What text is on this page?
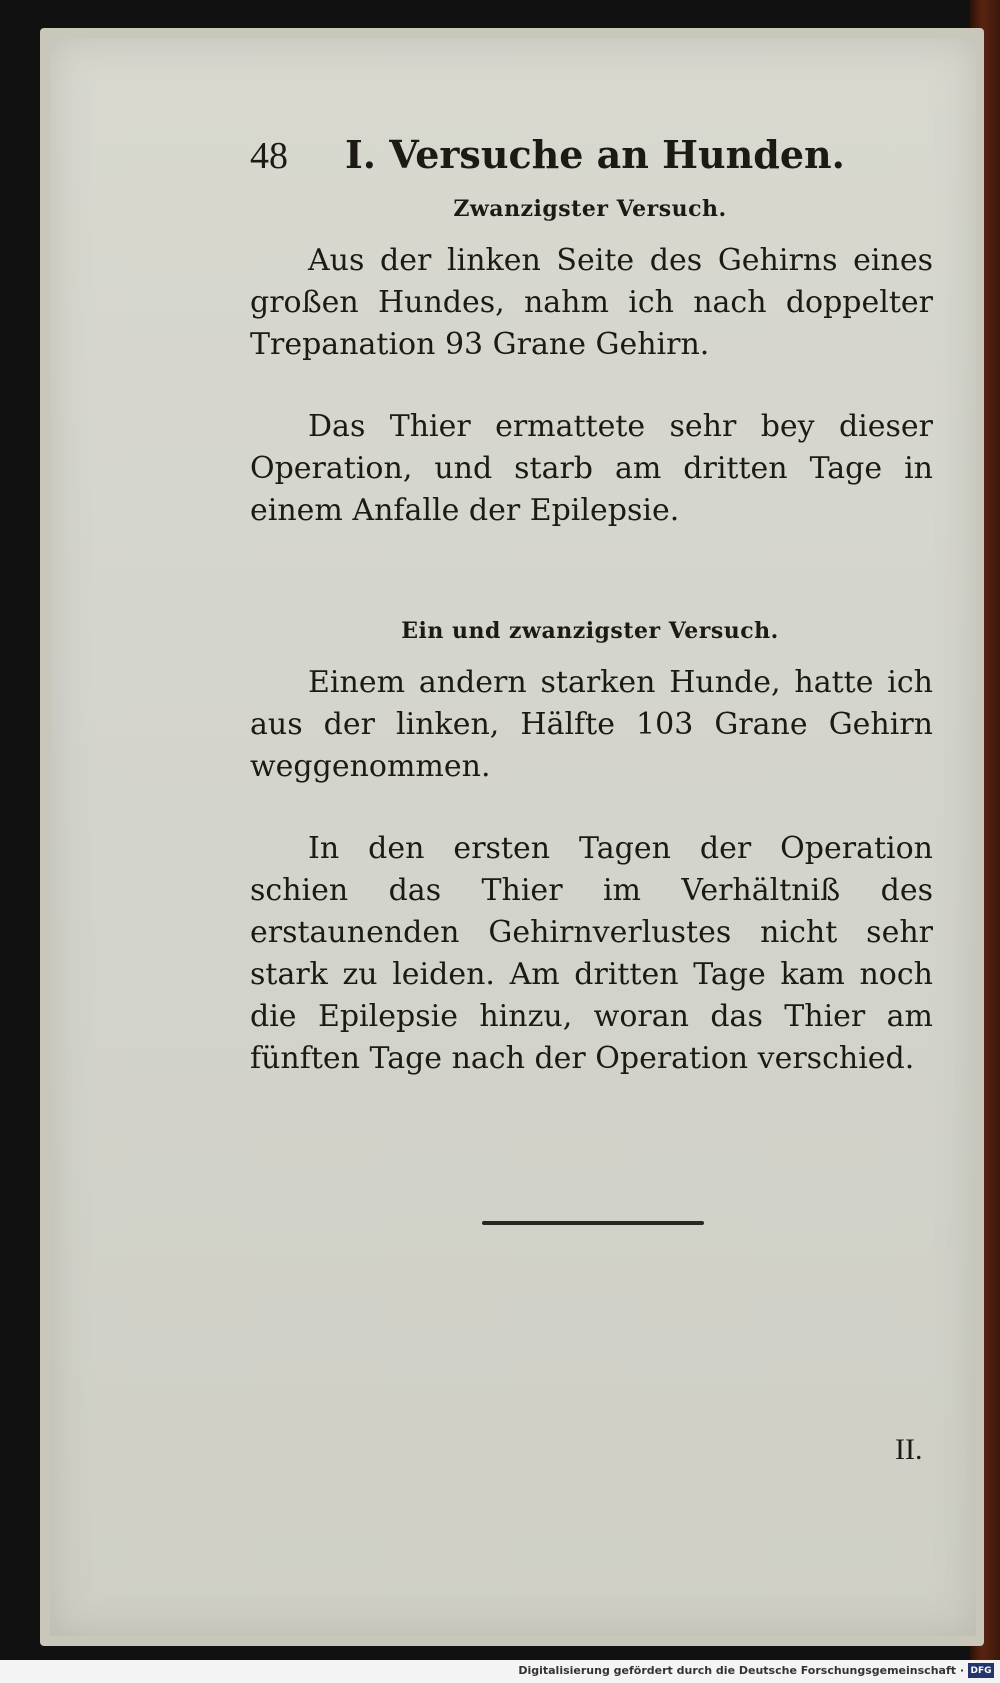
48	I. Versuche an Hunden.
Zwanzigster Versuch.

Aus der linken Seite des Gehirns eines großen Hundes, nahm ich nach doppelter Trepanation 93 Grane Gehirn.

Das Thier ermattete sehr bey dieser Operation, und starb am dritten Tage in einem Anfalle der Epilepsie.

Ein und zwanzigster Versuch.

Einem andern starken Hunde, hatte ich aus der linken, Hälfte 103 Grane Gehirn weggenommen.

In den ersten Tagen der Operation schien das Thier im Verhältniß des erstaunenden Gehirnverlustes nicht sehr stark zu leiden. Am dritten Tage kam noch die Epilepsie hinzu, woran das Thier am fünften Tage nach der Operation verschied.

II.
Digitalisierung gefördert durch die Deutsche Forschungsgemeinschaft · DFG
